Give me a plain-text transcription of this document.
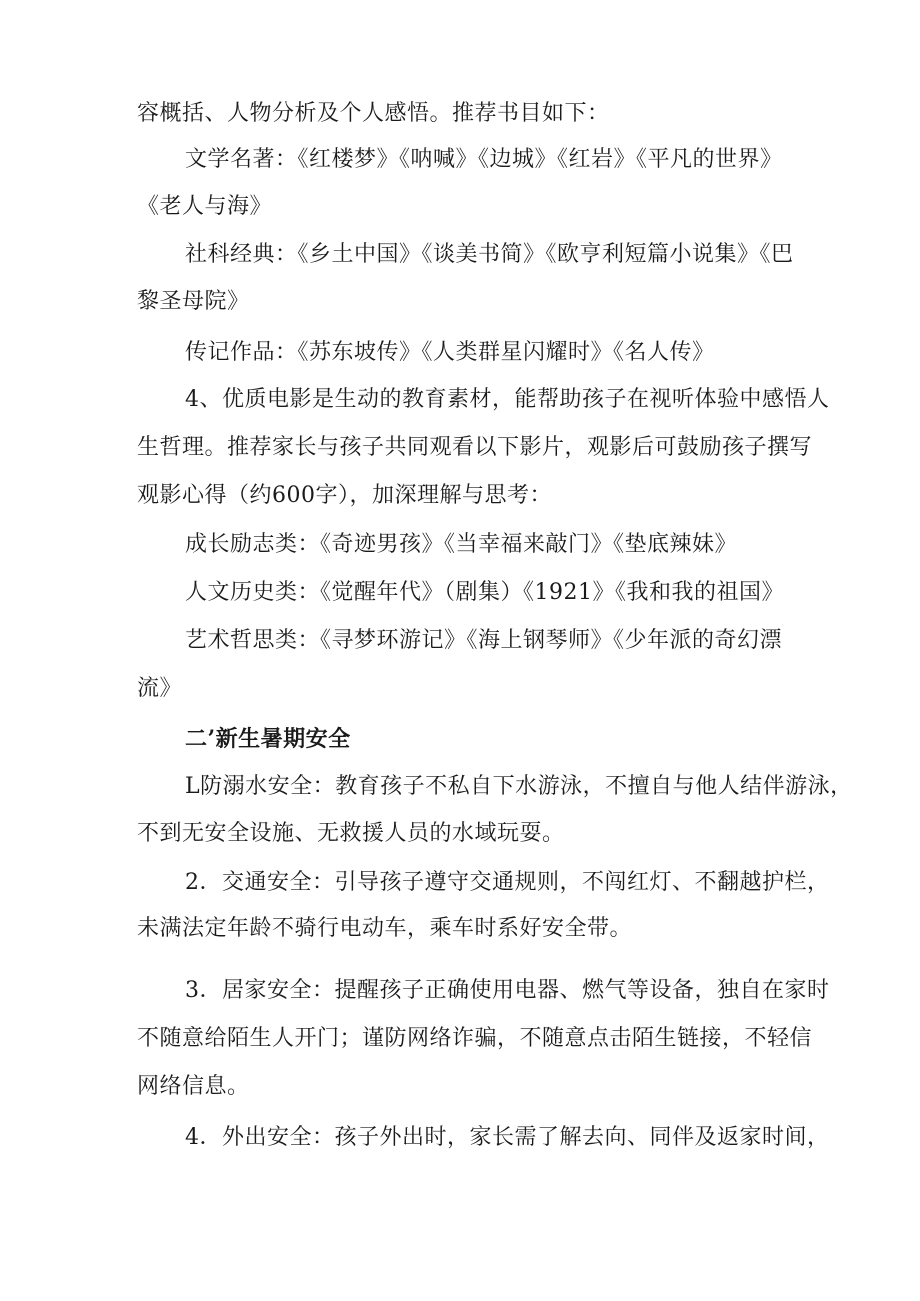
容概括、人物分析及个人感悟。推荐书目如下：
文学名著：《红楼梦》《呐喊》《边城》《红岩》《平凡的世界》
《老人与海》
社科经典：《乡土中国》《谈美书简》《欧亨利短篇小说集》《巴
黎圣母院》
传记作品：《苏东坡传》《人类群星闪耀时》《名人传》
4、优质电影是生动的教育素材，能帮助孩子在视听体验中感悟人
生哲理。推荐家长与孩子共同观看以下影片，观影后可鼓励孩子撰写
观影心得（约600字），加深理解与思考：
成长励志类：《奇迹男孩》《当幸福来敲门》《垫底辣妹》
人文历史类：《觉醒年代》（剧集）《1921》《我和我的祖国》
艺术哲思类：《寻梦环游记》《海上钢琴师》《少年派的奇幻漂
流》
二’新生暑期安全
L防溺水安全：教育孩子不私自下水游泳，不擅自与他人结伴游泳，
不到无安全设施、无救援人员的水域玩耍。
2．交通安全：引导孩子遵守交通规则，不闯红灯、不翻越护栏，
未满法定年龄不骑行电动车，乘车时系好安全带。
3．居家安全：提醒孩子正确使用电器、燃气等设备，独自在家时
不随意给陌生人开门；谨防网络诈骗，不随意点击陌生链接，不轻信
网络信息。
4．外出安全：孩子外出时，家长需了解去向、同伴及返家时间，
